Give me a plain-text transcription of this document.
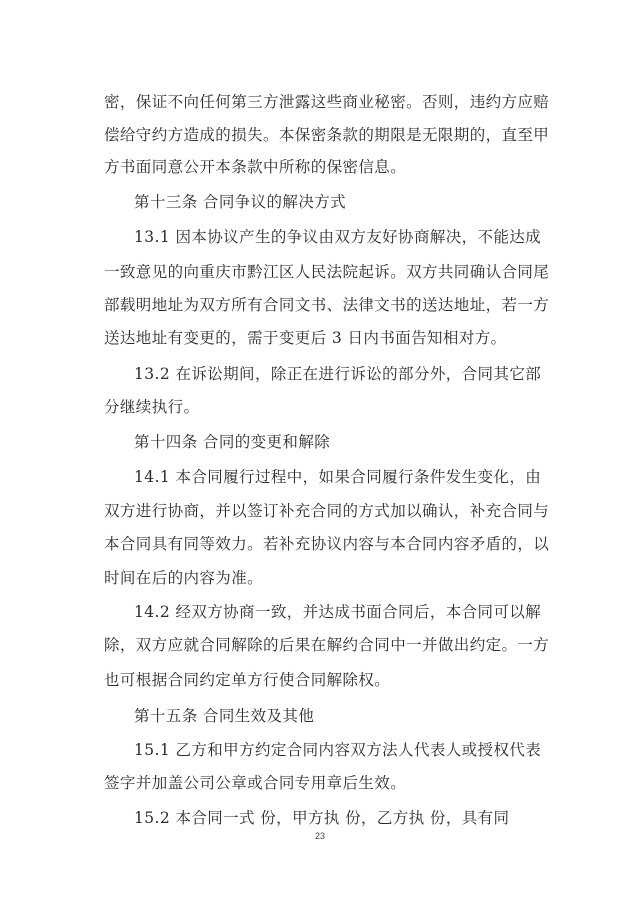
密，保证不向任何第三方泄露这些商业秘密。否则，违约方应赔
偿给守约方造成的损失。本保密条款的期限是无限期的，直至甲
方书面同意公开本条款中所称的保密信息。
第十三条 合同争议的解决方式
13.1 因本协议产生的争议由双方友好协商解决，不能达成
一致意见的向重庆市黔江区人民法院起诉。双方共同确认合同尾
部载明地址为双方所有合同文书、法律文书的送达地址，若一方
送达地址有变更的，需于变更后 3 日内书面告知相对方。
13.2 在诉讼期间，除正在进行诉讼的部分外，合同其它部
分继续执行。
第十四条 合同的变更和解除
14.1 本合同履行过程中，如果合同履行条件发生变化，由
双方进行协商，并以签订补充合同的方式加以确认，补充合同与
本合同具有同等效力。若补充协议内容与本合同内容矛盾的，以
时间在后的内容为准。
14.2 经双方协商一致，并达成书面合同后，本合同可以解
除，双方应就合同解除的后果在解约合同中一并做出约定。一方
也可根据合同约定单方行使合同解除权。
第十五条 合同生效及其他
15.1 乙方和甲方约定合同内容双方法人代表人或授权代表
签字并加盖公司公章或合同专用章后生效。
15.2 本合同一式 份，甲方执 份，乙方执 份，具有同
23
